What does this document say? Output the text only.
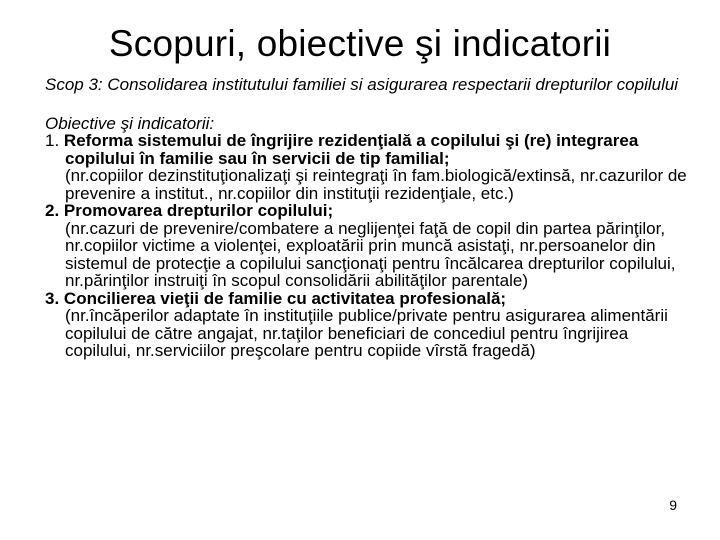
Scopuri, obiective şi indicatorii

Scop 3: Consolidarea institutului familiei si asigurarea respectarii drepturilor copilului

Obiective şi indicatorii:

1. Reforma sistemului de îngrijire rezidenţială a copilului şi (re) integrarea copilului în familie sau în servicii de tip familial;

(nr.copiilor dezinstituţionalizaţi şi reintegraţi în fam.biologică/extinsă, nr.cazurilor de prevenire a institut., nr.copiilor din instituţii rezidenţiale, etc.)

2. Promovarea drepturilor copilului;

(nr.cazuri de prevenire/combatere a neglijenţei faţă de copil din partea părinţilor, nr.copiilor victime a violenţei, exploatării prin muncă asistaţi, nr.persoanelor din sistemul de protecţie a copilului sancţionaţi pentru încălcarea drepturilor copilului, nr.părinţilor instruiţi în scopul consolidării abilităţilor parentale)

3. Concilierea vieţii de familie cu activitatea profesională;

(nr.încăperilor adaptate în instituţiile publice/private pentru asigurarea alimentării copilului de către angajat, nr.taţilor beneficiari de concediul pentru îngrijirea copilului, nr.serviciilor preşcolare pentru copiide vîrstă fragedă)

9
